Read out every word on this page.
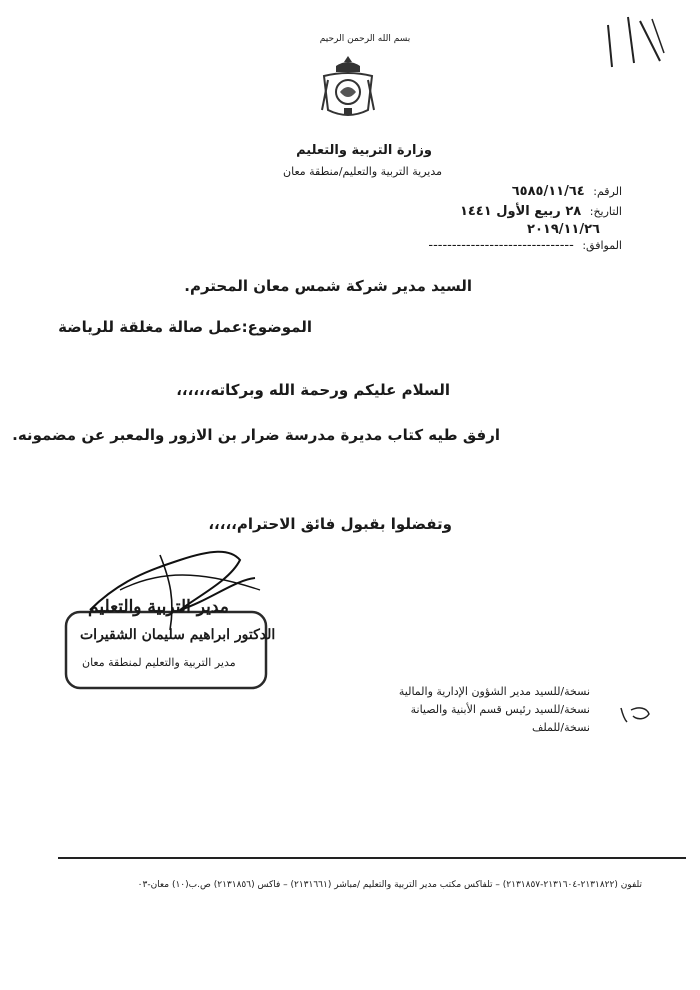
بسم الله الرحمن الرحيم
وزارة التربية والتعليم
مديرية التربية والتعليم/منطقة معان
الرقم: ٦٥٨٥/١١/٦٤
التاريخ: ٢٨ ربيع الأول ١٤٤١
٢٠١٩/١١/٢٦
الموافق: -------------------------------
السيد مدير شركة شمس معان المحترم.
الموضوع:
عمل صالة مغلقة للرياضة
السلام عليكم ورحمة الله وبركاته،،،،،،
ارفق طيه كتاب مديرة مدرسة ضرار بن الازور والمعبر عن مضمونه.
وتفضلوا بقبول فائق الاحترام،،،،،
مدير التربية والتعليم
الدكتور ابراهيم سليمان الشقيرات
مدير التربية والتعليم لمنطقة معان
نسخة/للسيد مدير الشؤون الإدارية والمالية
نسخة/للسيد رئيس قسم الأبنية والصيانة
نسخة/للملف
تلفون (٢١٣١٨٢٢-٢١٣١٦٠٤-٢١٣١٨٥٧) – تلفاكس مكتب مدير التربية والتعليم /مباشر (٢١٣١٦٦١) – فاكس (٢١٣١٨٥٦) ص.ب(١٠) معان-٠٣
